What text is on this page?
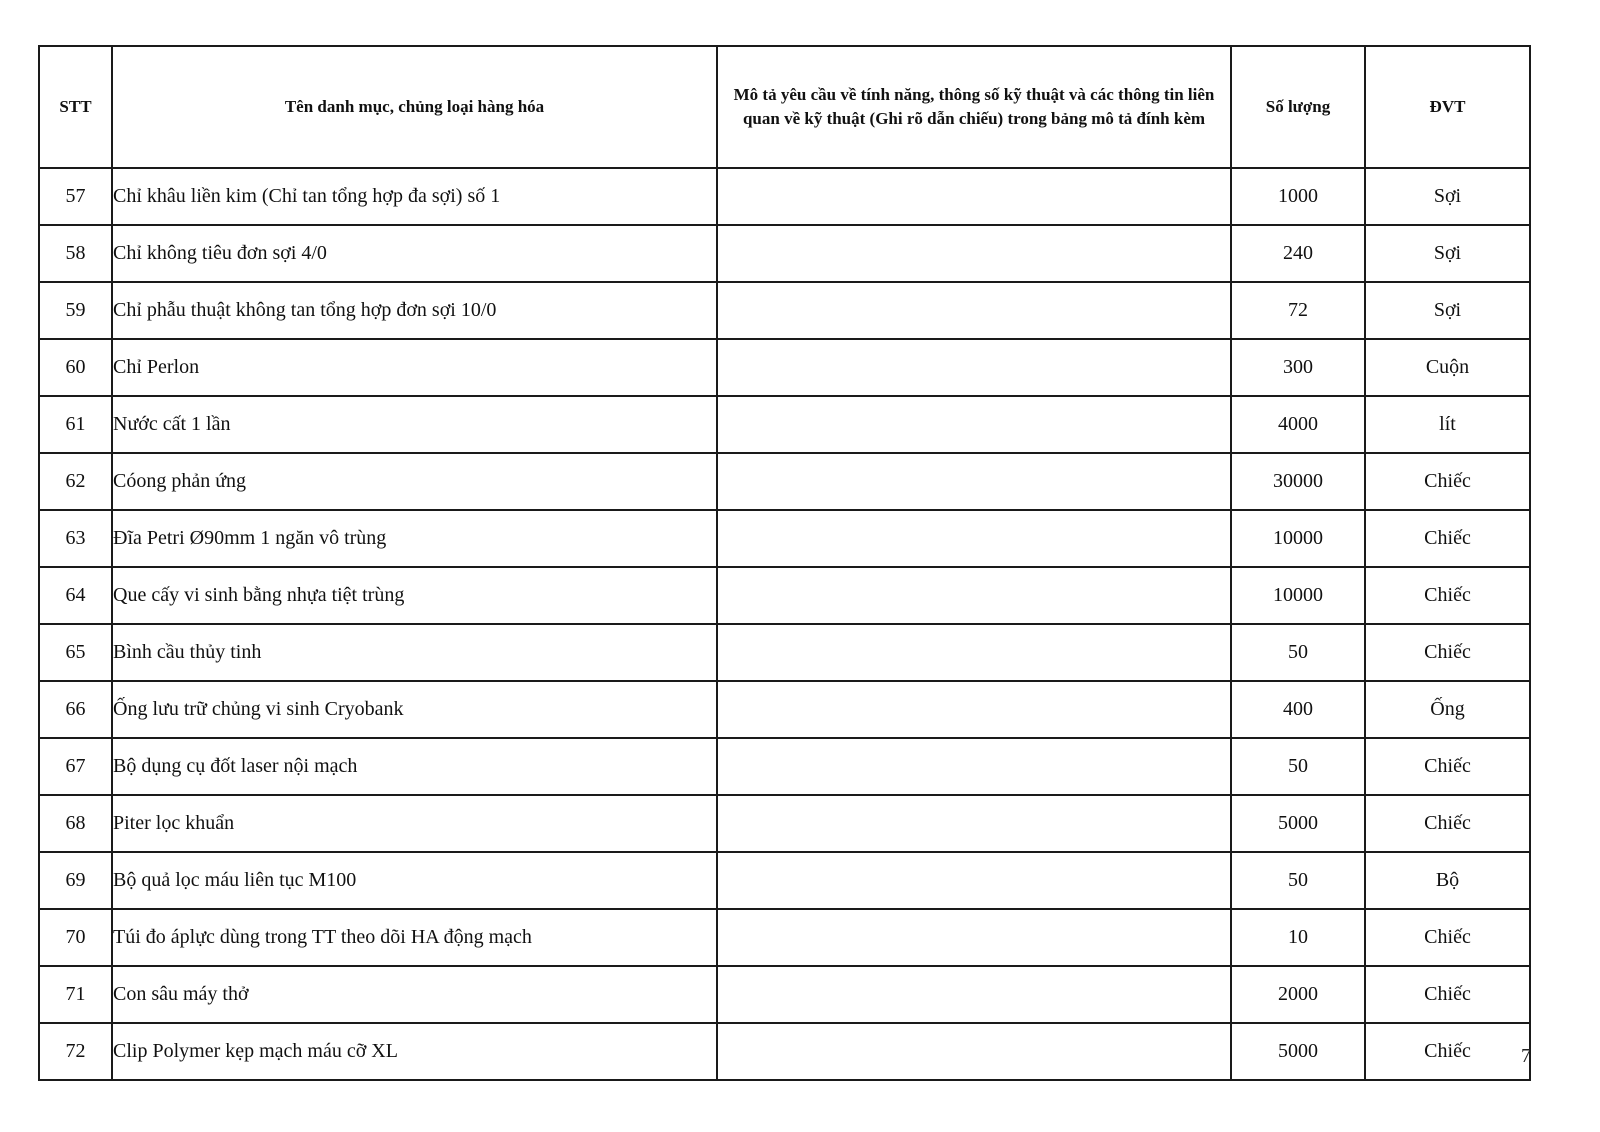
STT	Tên danh mục, chủng loại hàng hóa	Mô tả yêu cầu về tính năng, thông số kỹ thuật và các thông tin liên quan về kỹ thuật (Ghi rõ dẫn chiếu) trong bảng mô tả đính kèm	Số lượng	ĐVT
57	Chỉ khâu liền kim (Chỉ tan tổng hợp đa sợi) số 1		1000	Sợi
58	Chỉ không tiêu đơn sợi 4/0		240	Sợi
59	Chỉ phẫu thuật không tan tổng hợp đơn sợi 10/0		72	Sợi
60	Chỉ Perlon		300	Cuộn
61	Nước cất 1 lần		4000	lít
62	Cóong phản ứng		30000	Chiếc
63	Đĩa Petri Ø90mm 1 ngăn vô trùng		10000	Chiếc
64	Que cấy vi sinh bằng nhựa tiệt trùng		10000	Chiếc
65	Bình cầu thủy tinh		50	Chiếc
66	Ống lưu trữ chủng vi sinh Cryobank		400	Ống
67	Bộ dụng cụ đốt laser nội mạch		50	Chiếc
68	Piter lọc khuẩn		5000	Chiếc
69	Bộ quả lọc máu liên tục M100		50	Bộ
70	Túi đo áplực dùng trong TT theo dõi HA động mạch		10	Chiếc
71	Con sâu máy thở		2000	Chiếc
72	Clip Polymer kẹp mạch máu cỡ XL		5000	Chiếc	7
